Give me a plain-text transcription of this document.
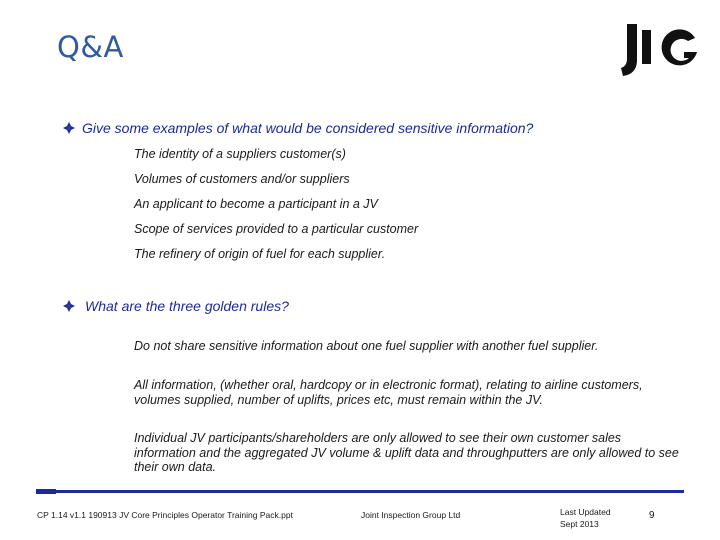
Q&A
Give some examples of what would be considered sensitive information?
The identity of a suppliers customer(s)
Volumes of customers and/or suppliers
An applicant to become a participant in a JV
Scope of services provided to a particular customer
The refinery of origin of fuel for each supplier.
What are the three golden rules?
Do not share sensitive information about one fuel supplier with another fuel supplier.
All information, (whether oral, hardcopy or in electronic format), relating to airline customers, volumes supplied, number of uplifts, prices etc, must remain within the JV.
Individual JV participants/shareholders are only allowed to see their own customer sales information and the aggregated JV volume & uplift data and throughputters are only allowed to see their own data.
CP 1.14 v1.1 190913 JV Core Principles Operator Training Pack.ppt	Joint Inspection Group Ltd	Last Updated
Sept 2013
9
